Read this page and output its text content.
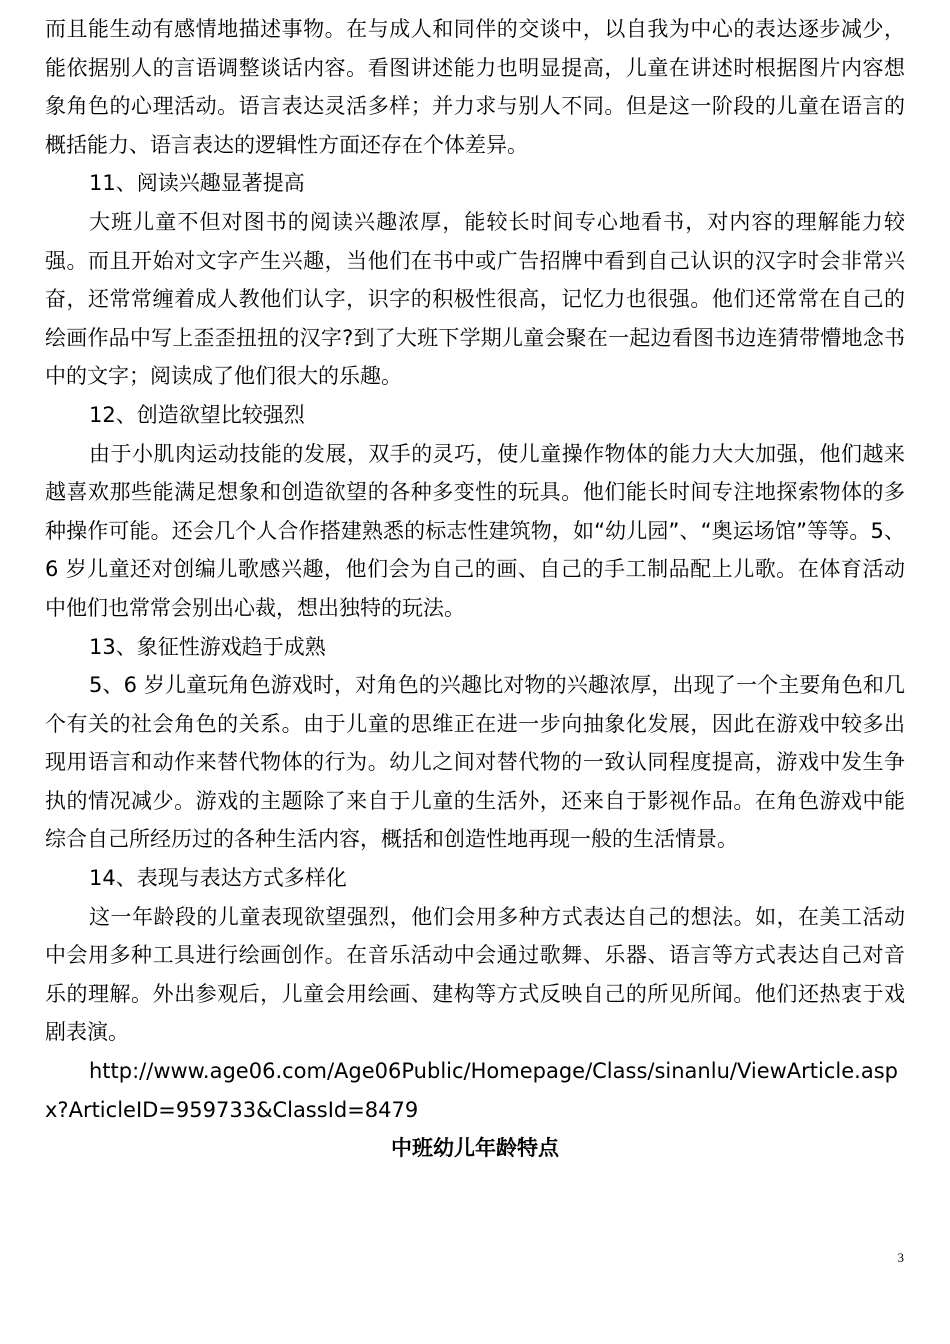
而且能生动有感情地描述事物。在与成人和同伴的交谈中，以自我为中心的表达逐步减少，能依据别人的言语调整谈话内容。看图讲述能力也明显提高，儿童在讲述时根据图片内容想象角色的心理活动。语言表达灵活多样；并力求与别人不同。但是这一阶段的儿童在语言的概括能力、语言表达的逻辑性方面还存在个体差异。

11、阅读兴趣显著提高

大班儿童不但对图书的阅读兴趣浓厚，能较长时间专心地看书，对内容的理解能力较强。而且开始对文字产生兴趣，当他们在书中或广告招牌中看到自己认识的汉字时会非常兴奋，还常常缠着成人教他们认字，识字的积极性很高，记忆力也很强。他们还常常在自己的绘画作品中写上歪歪扭扭的汉字?到了大班下学期儿童会聚在一起边看图书边连猜带懵地念书中的文字；阅读成了他们很大的乐趣。

12、创造欲望比较强烈

由于小肌肉运动技能的发展，双手的灵巧，使儿童操作物体的能力大大加强，他们越来越喜欢那些能满足想象和创造欲望的各种多变性的玩具。他们能长时间专注地探索物体的多种操作可能。还会几个人合作搭建熟悉的标志性建筑物，如“幼儿园”、“奥运场馆”等等。5、6 岁儿童还对创编儿歌感兴趣，他们会为自己的画、自己的手工制品配上儿歌。在体育活动中他们也常常会别出心裁，想出独特的玩法。

13、象征性游戏趋于成熟

5、6 岁儿童玩角色游戏时，对角色的兴趣比对物的兴趣浓厚，出现了一个主要角色和几个有关的社会角色的关系。由于儿童的思维正在进一步向抽象化发展，因此在游戏中较多出现用语言和动作来替代物体的行为。幼儿之间对替代物的一致认同程度提高，游戏中发生争执的情况减少。游戏的主题除了来自于儿童的生活外，还来自于影视作品。在角色游戏中能综合自己所经历过的各种生活内容，概括和创造性地再现一般的生活情景。

14、表现与表达方式多样化

这一年龄段的儿童表现欲望强烈，他们会用多种方式表达自己的想法。如，在美工活动中会用多种工具进行绘画创作。在音乐活动中会通过歌舞、乐器、语言等方式表达自己对音乐的理解。外出参观后，儿童会用绘画、建构等方式反映自己的所见所闻。他们还热衷于戏剧表演。

http://www.age06.com/Age06Public/Homepage/Class/sinanlu/ViewArticle.aspx?ArticleID=959733&ClassId=8479

中班幼儿年龄特点

3
